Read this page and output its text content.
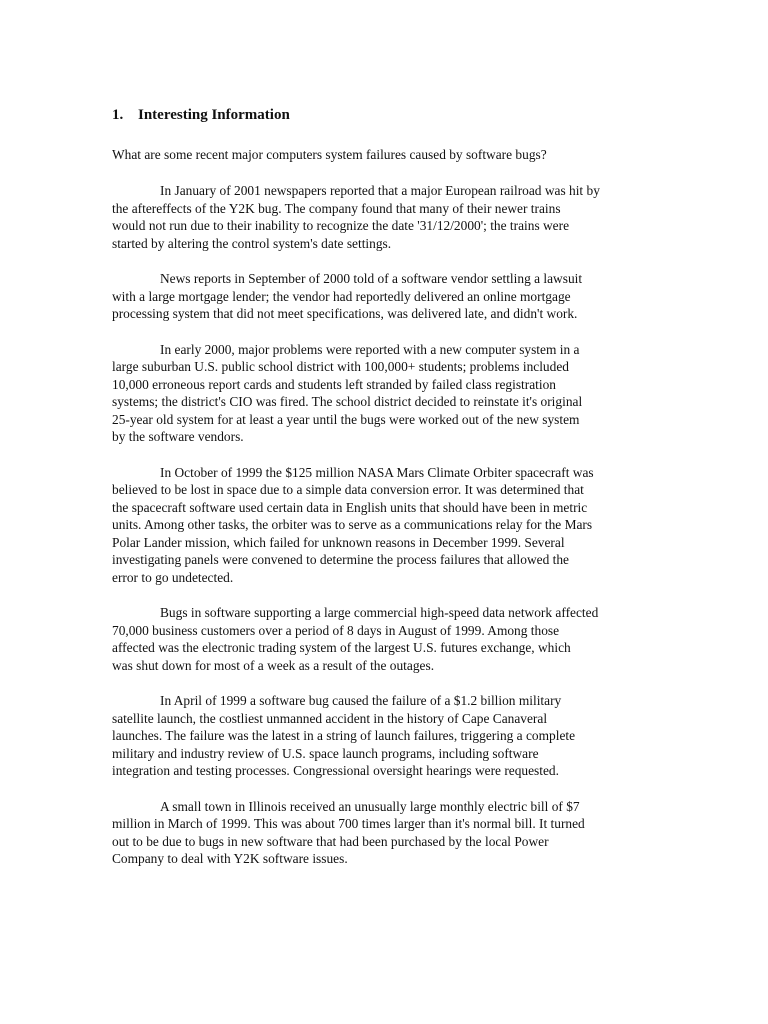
1. Interesting Information

What are some recent major computers system failures caused by software bugs?

In January of 2001 newspapers reported that a major European railroad was hit by
the aftereffects of the Y2K bug. The company found that many of their newer trains
would not run due to their inability to recognize the date '31/12/2000'; the trains were
started by altering the control system's date settings.

News reports in September of 2000 told of a software vendor settling a lawsuit
with a large mortgage lender; the vendor had reportedly delivered an online mortgage
processing system that did not meet specifications, was delivered late, and didn't work.

In early 2000, major problems were reported with a new computer system in a
large suburban U.S. public school district with 100,000+ students; problems included
10,000 erroneous report cards and students left stranded by failed class registration
systems; the district's CIO was fired. The school district decided to reinstate it's original
25-year old system for at least a year until the bugs were worked out of the new system
by the software vendors.

In October of 1999 the $125 million NASA Mars Climate Orbiter spacecraft was
believed to be lost in space due to a simple data conversion error. It was determined that
the spacecraft software used certain data in English units that should have been in metric
units. Among other tasks, the orbiter was to serve as a communications relay for the Mars
Polar Lander mission, which failed for unknown reasons in December 1999. Several
investigating panels were convened to determine the process failures that allowed the
error to go undetected.

Bugs in software supporting a large commercial high-speed data network affected
70,000 business customers over a period of 8 days in August of 1999. Among those
affected was the electronic trading system of the largest U.S. futures exchange, which
was shut down for most of a week as a result of the outages.

In April of 1999 a software bug caused the failure of a $1.2 billion military
satellite launch, the costliest unmanned accident in the history of Cape Canaveral
launches. The failure was the latest in a string of launch failures, triggering a complete
military and industry review of U.S. space launch programs, including software
integration and testing processes. Congressional oversight hearings were requested.

A small town in Illinois received an unusually large monthly electric bill of $7
million in March of 1999. This was about 700 times larger than it's normal bill. It turned
out to be due to bugs in new software that had been purchased by the local Power
Company to deal with Y2K software issues.
